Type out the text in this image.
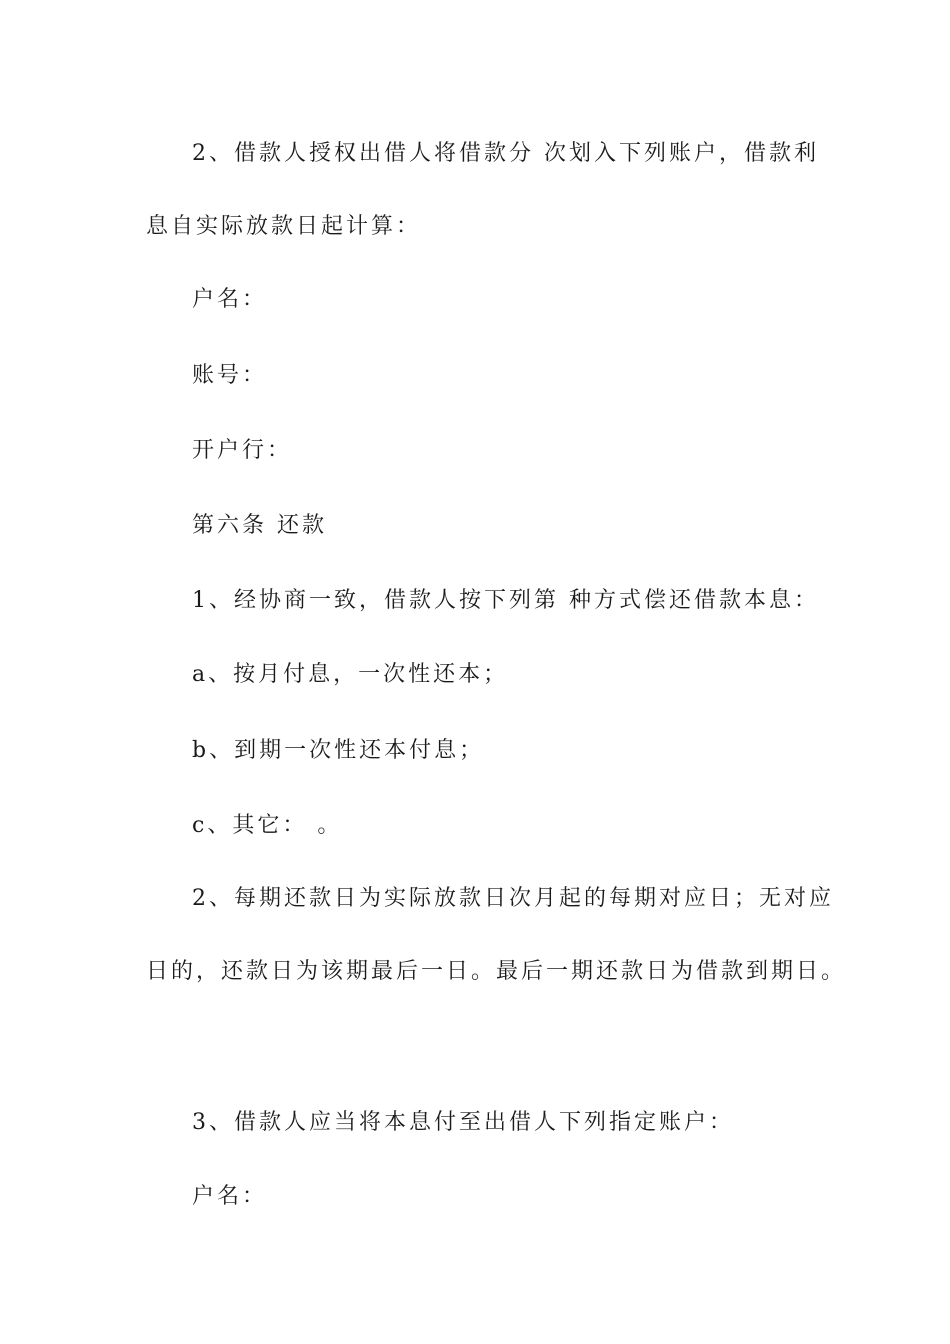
2、借款人授权出借人将借款分 次划入下列账户，借款利
息自实际放款日起计算：
户名：
账号：
开户行：
第六条 还款
1、经协商一致，借款人按下列第 种方式偿还借款本息：
a、按月付息，一次性还本；
b、到期一次性还本付息；
c、其它： 。
2、每期还款日为实际放款日次月起的每期对应日；无对应
日的，还款日为该期最后一日。最后一期还款日为借款到期日。
3、借款人应当将本息付至出借人下列指定账户：
户名：
